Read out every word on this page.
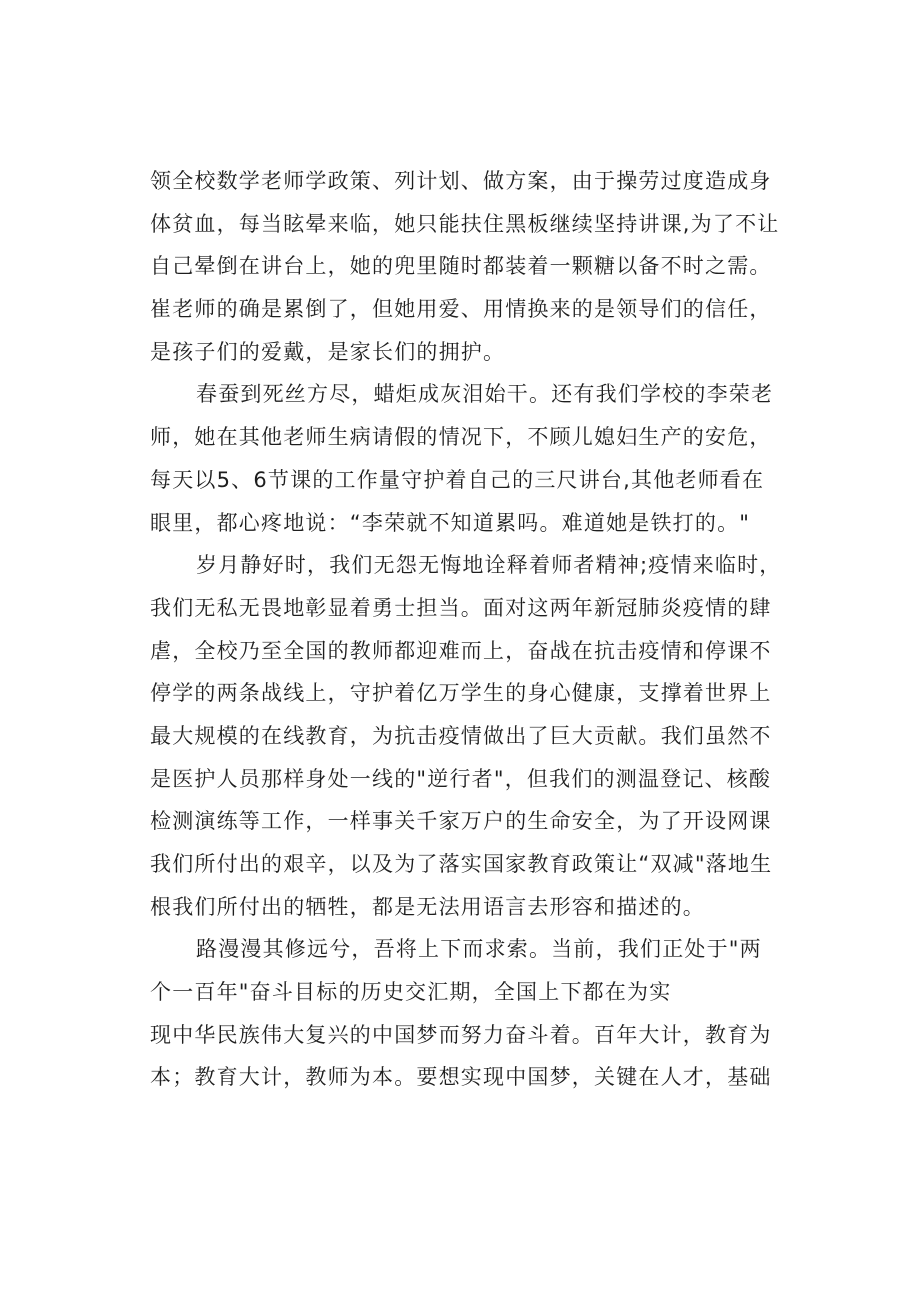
领全校数学老师学政策、列计划、做方案，由于操劳过度造成身
体贫血，每当眩晕来临，她只能扶住黑板继续坚持讲课,为了不让
自己晕倒在讲台上，她的兜里随时都装着一颗糖以备不时之需。
崔老师的确是累倒了，但她用爱、用情换来的是领导们的信任，
是孩子们的爱戴，是家长们的拥护。
春蚕到死丝方尽，蜡炬成灰泪始干。还有我们学校的李荣老
师，她在其他老师生病请假的情况下，不顾儿媳妇生产的安危，
每天以5、6节课的工作量守护着自己的三尺讲台,其他老师看在
眼里，都心疼地说：“李荣就不知道累吗。难道她是铁打的。"
岁月静好时，我们无怨无悔地诠释着师者精神;疫情来临时，
我们无私无畏地彰显着勇士担当。面对这两年新冠肺炎疫情的肆
虐，全校乃至全国的教师都迎难而上，奋战在抗击疫情和停课不
停学的两条战线上，守护着亿万学生的身心健康，支撑着世界上
最大规模的在线教育，为抗击疫情做出了巨大贡献。我们虽然不
是医护人员那样身处一线的"逆行者"，但我们的测温登记、核酸
检测演练等工作，一样事关千家万户的生命安全，为了开设网课
我们所付出的艰辛，以及为了落实国家教育政策让“双减"落地生
根我们所付出的牺牲，都是无法用语言去形容和描述的。
路漫漫其修远兮，吾将上下而求索。当前，我们正处于"两
个一百年"奋斗目标的历史交汇期，全国上下都在为实
现中华民族伟大复兴的中国梦而努力奋斗着。百年大计，教育为
本；教育大计，教师为本。要想实现中国梦，关键在人才，基础
